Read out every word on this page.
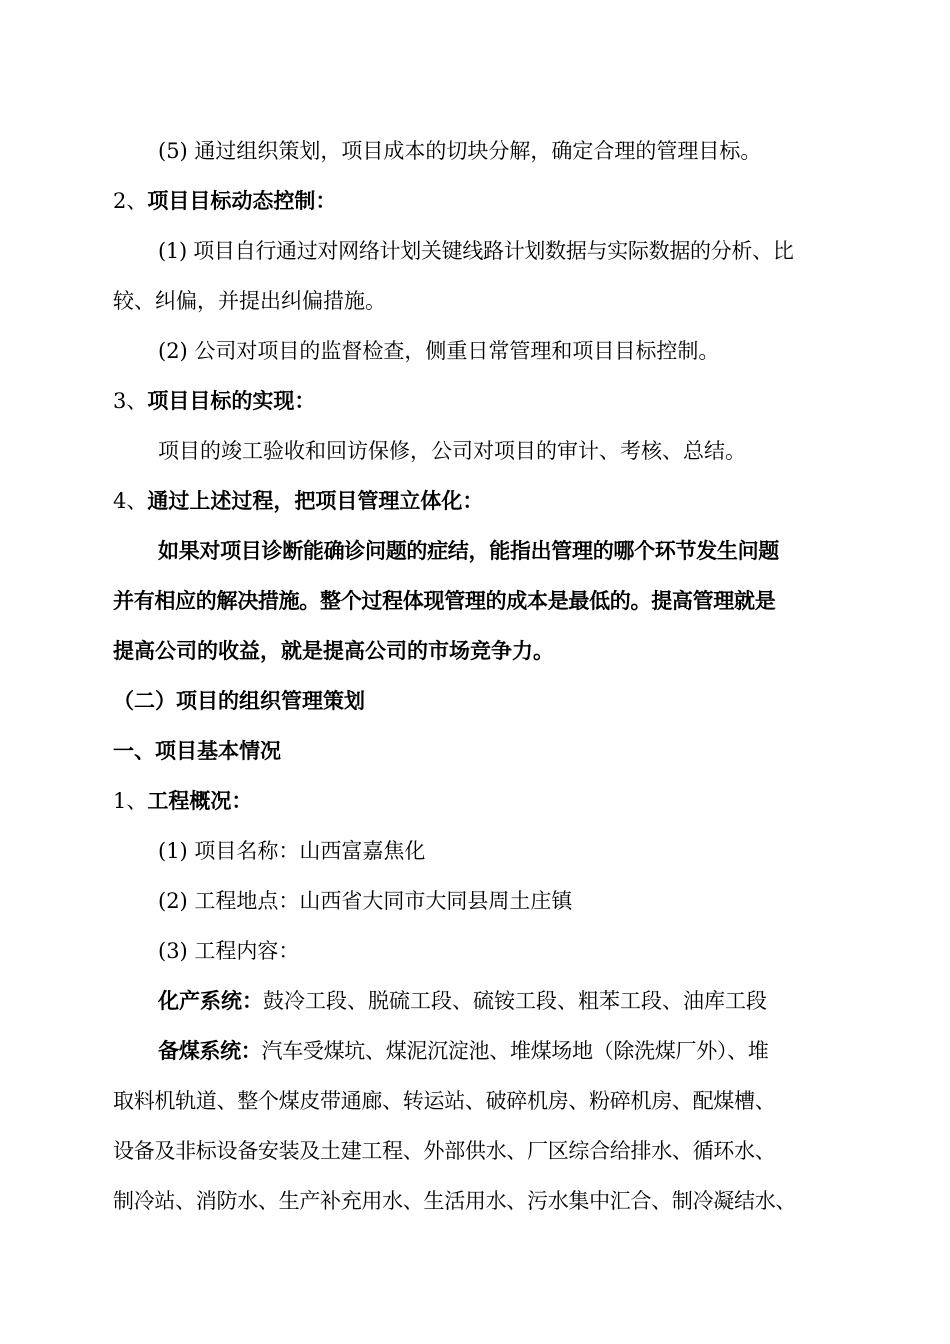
(5) 通过组织策划，项目成本的切块分解，确定合理的管理目标。
2、项目目标动态控制：
(1) 项目自行通过对网络计划关键线路计划数据与实际数据的分析、比
较、纠偏，并提出纠偏措施。
(2) 公司对项目的监督检查，侧重日常管理和项目目标控制。
3、项目目标的实现：
项目的竣工验收和回访保修，公司对项目的审计、考核、总结。
4、通过上述过程，把项目管理立体化：
如果对项目诊断能确诊问题的症结，能指出管理的哪个环节发生问题
并有相应的解决措施。整个过程体现管理的成本是最低的。提高管理就是
提高公司的收益，就是提高公司的市场竞争力。
（二）项目的组织管理策划
一、项目基本情况
1、工程概况：
(1) 项目名称：山西富嘉焦化
(2) 工程地点：山西省大同市大同县周土庄镇
(3) 工程内容：
化产系统：鼓冷工段、脱硫工段、硫铵工段、粗苯工段、油库工段
备煤系统：汽车受煤坑、煤泥沉淀池、堆煤场地（除洗煤厂外）、堆
取料机轨道、整个煤皮带通廊、转运站、破碎机房、粉碎机房、配煤槽、
设备及非标设备安装及土建工程、外部供水、厂区综合给排水、循环水、
制冷站、消防水、生产补充用水、生活用水、污水集中汇合、制冷凝结水、
